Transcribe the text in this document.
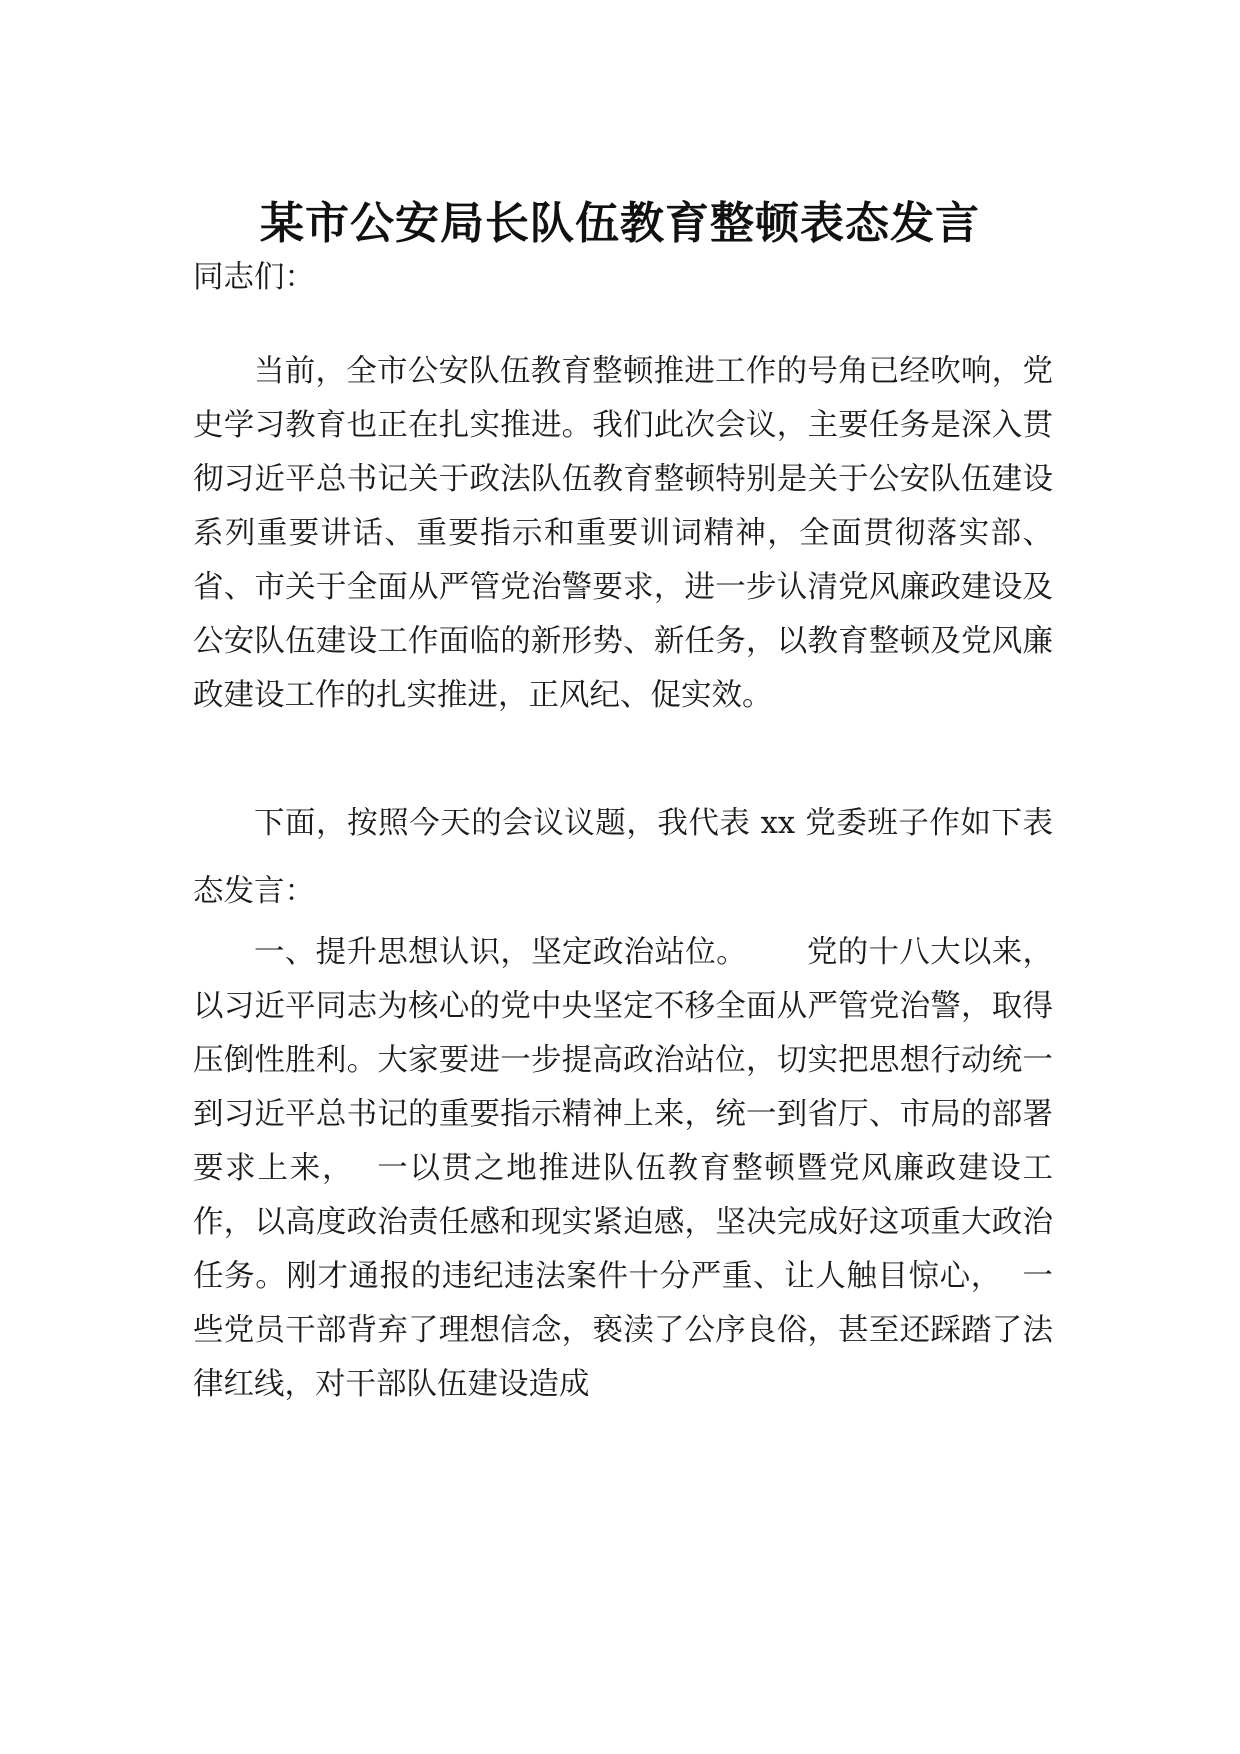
某市公安局长队伍教育整顿表态发言
同志们：
当前，全市公安队伍教育整顿推进工作的号角已经吹响，党史学习教育也正在扎实推进。我们此次会议，主要任务是深入贯彻习近平总书记关于政法队伍教育整顿特别是关于公安队伍建设系列重要讲话、重要指示和重要训词精神，全面贯彻落实部、省、市关于全面从严管党治警要求，进一步认清党风廉政建设及公安队伍建设工作面临的新形势、新任务，以教育整顿及党风廉政建设工作的扎实推进，正风纪、促实效。
下面，按照今天的会议议题，我代表 xx 党委班子作如下表态发言：
一、提升思想认识，坚定政治站位。      党的十八大以来，以习近平同志为核心的党中央坚定不移全面从严管党治警，取得压倒性胜利。大家要进一步提高政治站位，切实把思想行动统一到习近平总书记的重要指示精神上来，统一到省厅、市局的部署要求上来，  一以贯之地推进队伍教育整顿暨党风廉政建设工作，以高度政治责任感和现实紧迫感，坚决完成好这项重大政治任务。刚才通报的违纪违法案件十分严重、让人触目惊心，  一些党员干部背弃了理想信念，亵渎了公序良俗，甚至还踩踏了法律红线，对干部队伍建设造成
